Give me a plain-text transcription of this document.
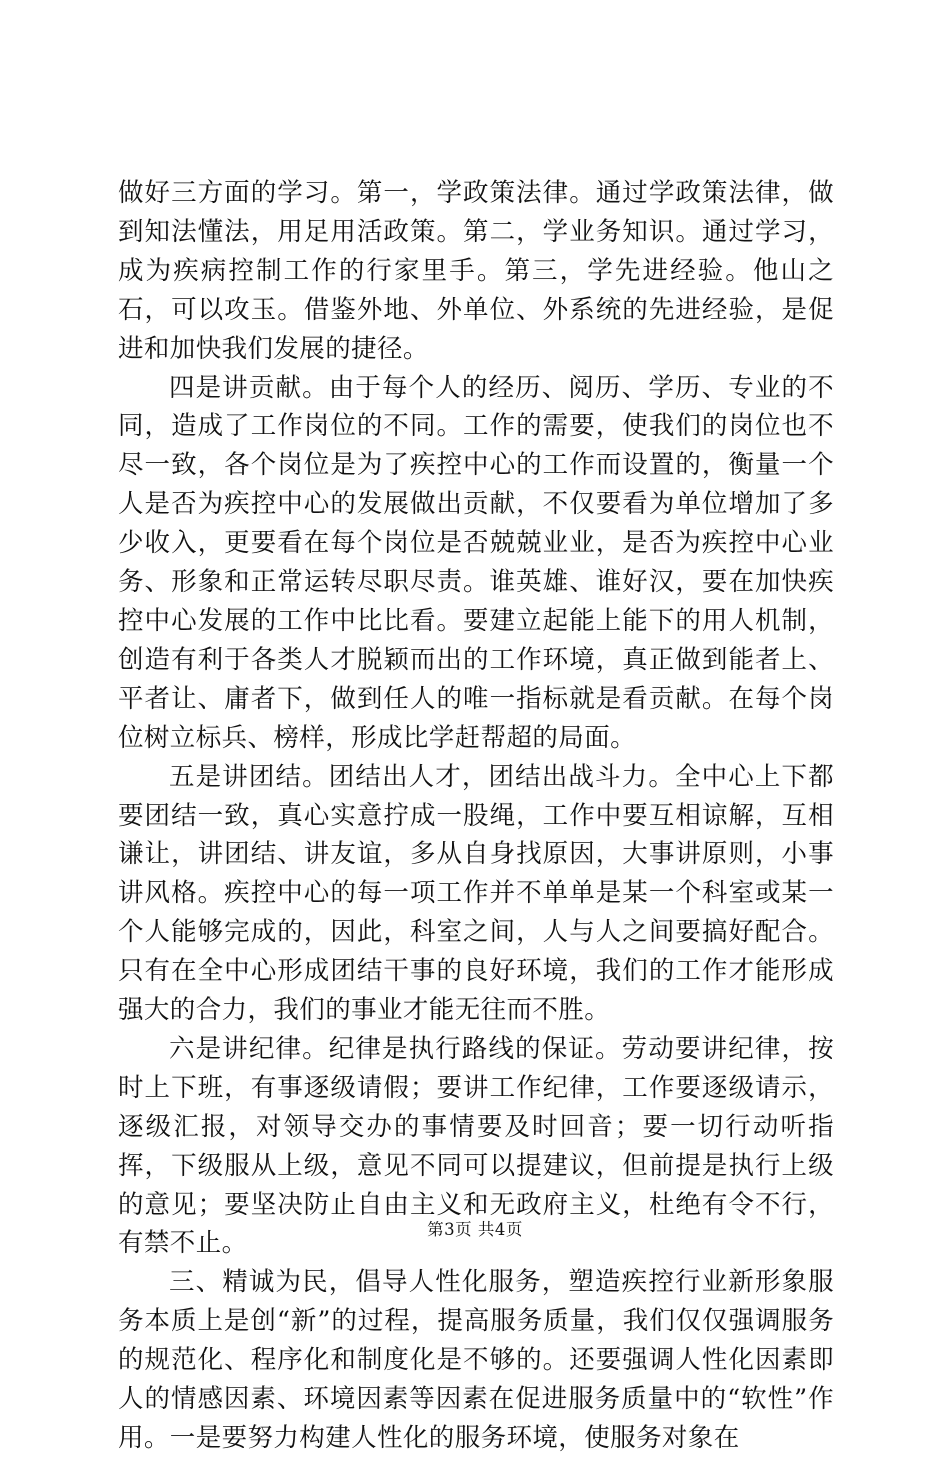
做好三方面的学习。第一，学政策法律。通过学政策法律，做到知法懂法，用足用活政策。第二，学业务知识。通过学习，成为疾病控制工作的行家里手。第三，学先进经验。他山之石，可以攻玉。借鉴外地、外单位、外系统的先进经验，是促进和加快我们发展的捷径。

四是讲贡献。由于每个人的经历、阅历、学历、专业的不同，造成了工作岗位的不同。工作的需要，使我们的岗位也不尽一致，各个岗位是为了疾控中心的工作而设置的，衡量一个人是否为疾控中心的发展做出贡献，不仅要看为单位增加了多少收入，更要看在每个岗位是否兢兢业业，是否为疾控中心业务、形象和正常运转尽职尽责。谁英雄、谁好汉，要在加快疾控中心发展的工作中比比看。要建立起能上能下的用人机制，创造有利于各类人才脱颖而出的工作环境，真正做到能者上、平者让、庸者下，做到任人的唯一指标就是看贡献。在每个岗位树立标兵、榜样，形成比学赶帮超的局面。

五是讲团结。团结出人才，团结出战斗力。全中心上下都要团结一致，真心实意拧成一股绳，工作中要互相谅解，互相谦让，讲团结、讲友谊，多从自身找原因，大事讲原则，小事讲风格。疾控中心的每一项工作并不单单是某一个科室或某一个人能够完成的，因此，科室之间，人与人之间要搞好配合。只有在全中心形成团结干事的良好环境，我们的工作才能形成强大的合力，我们的事业才能无往而不胜。

六是讲纪律。纪律是执行路线的保证。劳动要讲纪律，按时上下班，有事逐级请假；要讲工作纪律，工作要逐级请示，逐级汇报，对领导交办的事情要及时回音；要一切行动听指挥，下级服从上级，意见不同可以提建议，但前提是执行上级的意见；要坚决防止自由主义和无政府主义，杜绝有令不行，有禁不止。

三、精诚为民，倡导人性化服务，塑造疾控行业新形象服务本质上是创“新”的过程，提高服务质量，我们仅仅强调服务的规范化、程序化和制度化是不够的。还要强调人性化因素即人的情感因素、环境因素等因素在促进服务质量中的“软性”作用。一是要努力构建人性化的服务环境，使服务对象在

第3页 共4页
